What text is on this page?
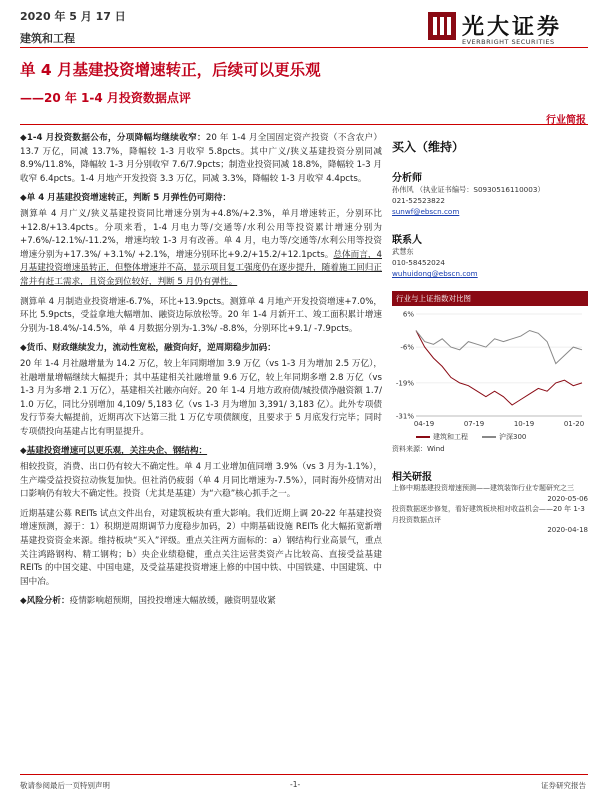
2020 年 5 月 17 日
建筑和工程	光大证券
EVERBRIGHT SECURITIES
单 4 月基建投资增速转正，后续可以更乐观
——20 年 1-4 月投资数据点评
行业简报

◆1-4 月投资数据公布，分项降幅均继续收窄：20 年 1-4 月全国固定资产投资（不含农户）13.7 万亿，同减 13.7%，降幅较 1-3 月收窄 5.8pcts。其中广义/狭义基建投资分别同减 8.9%/11.8%，降幅较 1-3 月分别收窄 7.6/7.9pcts；制造业投资同减 18.8%，降幅较 1-3 月收窄 6.4pcts。1-4 月地产开发投资 3.3 万亿，同减 3.3%，降幅较 1-3 月收窄 4.4pcts。

◆单 4 月基建投资增速转正，判断 5 月弹性仍可期待：

测算单 4 月广义/狭义基建投资同比增速分别为+4.8%/+2.3%，单月增速转正，分别环比+12.8/+13.4pcts。分项来看，1-4 月电力等/交通等/水利公用等投资累计增速分别为+7.6%/-12.1%/-11.2%，增速均较 1-3 月有改善。单 4 月，电力等/交通等/水利公用等投资增速分别为+17.3%/ +3.1%/ +2.1%，增速分别环比+9.2/+15.2/+12.1pcts。总体而言，4 月基建投资增速虽转正，但整体增速并不高，显示项目复工强度仍在逐步提升，随着施工回归正常并有赶工需求，且资金到位较好，判断 5 月仍有弹性。

测算单 4 月制造业投资增速-6.7%，环比+13.9pcts。测算单 4 月地产开发投资增速+7.0%，环比 5.9pcts，受益拿地大幅增加、融资边际放松等。20 年 1-4 月新开工、竣工面积累计增速分别为-18.4%/-14.5%，单 4 月数据分别为-1.3%/ -8.8%，分别环比+9.1/ -7.9pcts。

◆货币、财政继续发力，流动性宽松，融资向好，逆周期稳步加码：

20 年 1-4 月社融增量为 14.2 万亿，较上年同期增加 3.9 万亿（vs 1-3 月为增加 2.5 万亿），社融增量增幅继续大幅提升；其中基建相关社融增量 9.6 万亿，较上年同期多增 2.8 万亿（vs 1-3 月为多增 2.1 万亿），基建相关社融亦向好。20 年 1-4 月地方政府债/城投债净融资额 1.7/ 1.0 万亿，同比分别增加 4,109/ 5,183 亿（vs 1-3 月为增加 3,391/ 3,183 亿）。此外专项债发行节奏大幅提前，近期再次下达第三批 1 万亿专项债额度，且要求于 5 月底发行完毕；同时专项债投向基建占比有明显提升。

◆基建投资增速可以更乐观，关注央企、钢结构：

相较投资，消费、出口仍有较大不确定性。单 4 月工业增加值同增 3.9%（vs 3 月为-1.1%），生产端受益投资拉动恢复加快。但社消仍疲弱（单 4 月同比增速为-7.5%），同时海外疫情对出口影响仍有较大不确定性。投资（尤其是基建）为“六稳”核心抓手之一。

近期基建公募 REITs 试点文件出台，对建筑板块有重大影响。我们近期上调 20-22 年基建投资增速预测，源于：1）积期逆周期调节力度稳步加码，2）中期基础设施 REITs 化大幅拓宽新增基建投资资金来源。维持板块“买入”评级。重点关注两方面标的：a）钢结构行业高景气，重点关注鸿路钢构、精工钢构；b）央企业绩稳健，重点关注运营类资产占比较高、直接受益基建 REITs 的中国交建、中国电建，及受益基建投资增速上修的中国中铁、中国铁建、中国建筑、中国中冶。

◆风险分析：疫情影响超预期，国投投增速大幅放缓，融资明显收紧

买入（维持）
分析师
孙伟风 （执业证书编号：S0930516110003）
021-52523822
sunwf@ebscn.com
联系人
武慧东
010-58452024
wuhuidong@ebscn.com
行业与上证指数对比图
6%
-6%
-19%
-31%
04-19	07-19	10-19	01-20
建筑和工程	沪深300
资料来源：Wind
相关研报
上修中期基建投资增速预测——建筑装饰行业专题研究之三
2020-05-06
投资数据逐步修复，看好建筑板块相对收益机会——20 年 1-3 月投资数据点评
2020-04-18
敬请参阅最后一页特别声明	-1-	证券研究报告
